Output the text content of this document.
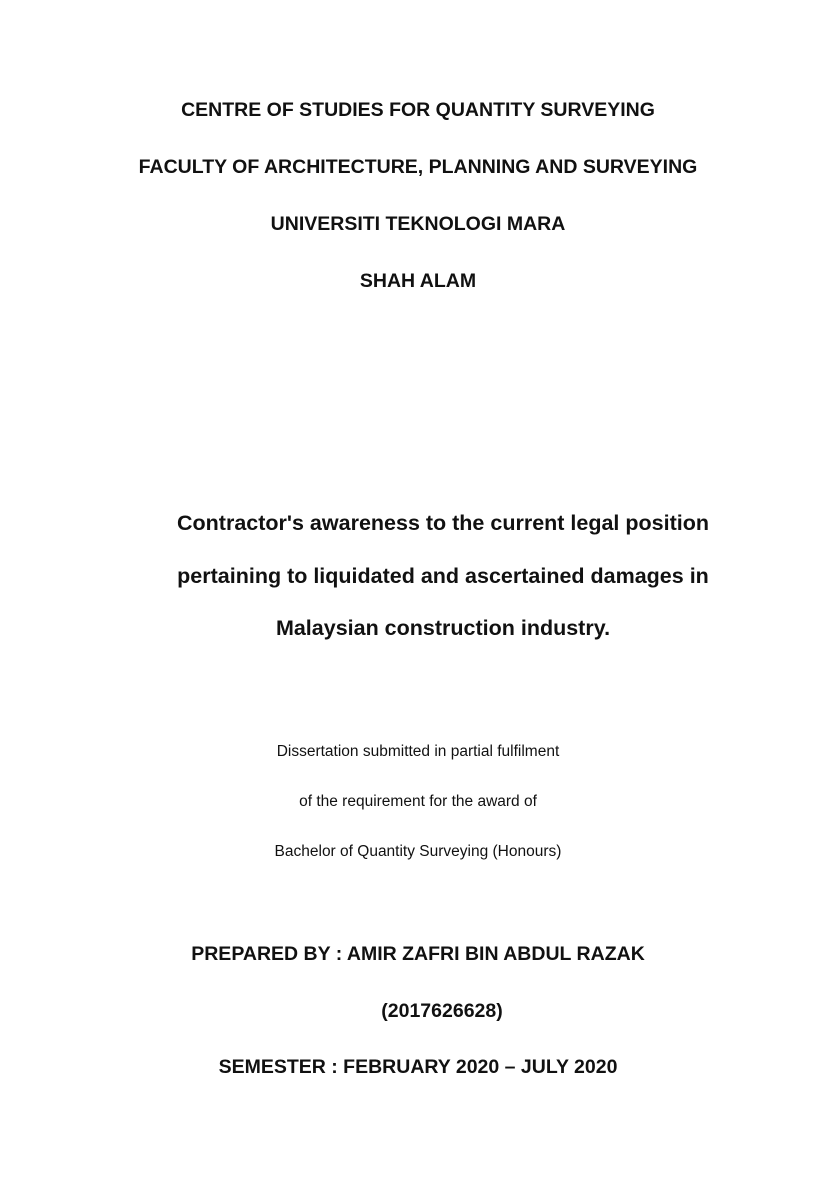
CENTRE OF STUDIES FOR QUANTITY SURVEYING

FACULTY OF ARCHITECTURE, PLANNING AND SURVEYING

UNIVERSITI TEKNOLOGI MARA

SHAH ALAM

Contractor's awareness to the current legal position

pertaining to liquidated and ascertained damages in

Malaysian construction industry.

Dissertation submitted in partial fulfilment

of the requirement for the award of

Bachelor of Quantity Surveying (Honours)

PREPARED BY : AMIR ZAFRI BIN ABDUL RAZAK

(2017626628)

SEMESTER : FEBRUARY 2020 – JULY 2020
